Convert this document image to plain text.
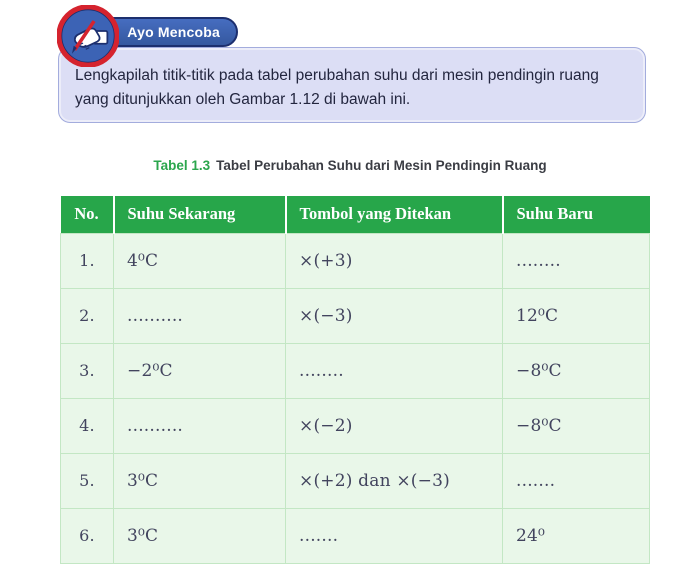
Ayo Mencoba

Lengkapilah titik-titik pada tabel perubahan suhu dari mesin pendingin ruang yang ditunjukkan oleh Gambar 1.12 di bawah ini.

Tabel 1.3 Tabel Perubahan Suhu dari Mesin Pendingin Ruang
No.	Suhu Sekarang	Tombol yang Ditekan	Suhu Baru
1.	4⁰C	×(+3)	........
2.	..........	×(−3)	12⁰C
3.	−2⁰C	........	−8⁰C
4.	..........	×(−2)	−8⁰C
5.	3⁰C	×(+2) dan ×(−3)	.......
6.	3⁰C	.......	24⁰
